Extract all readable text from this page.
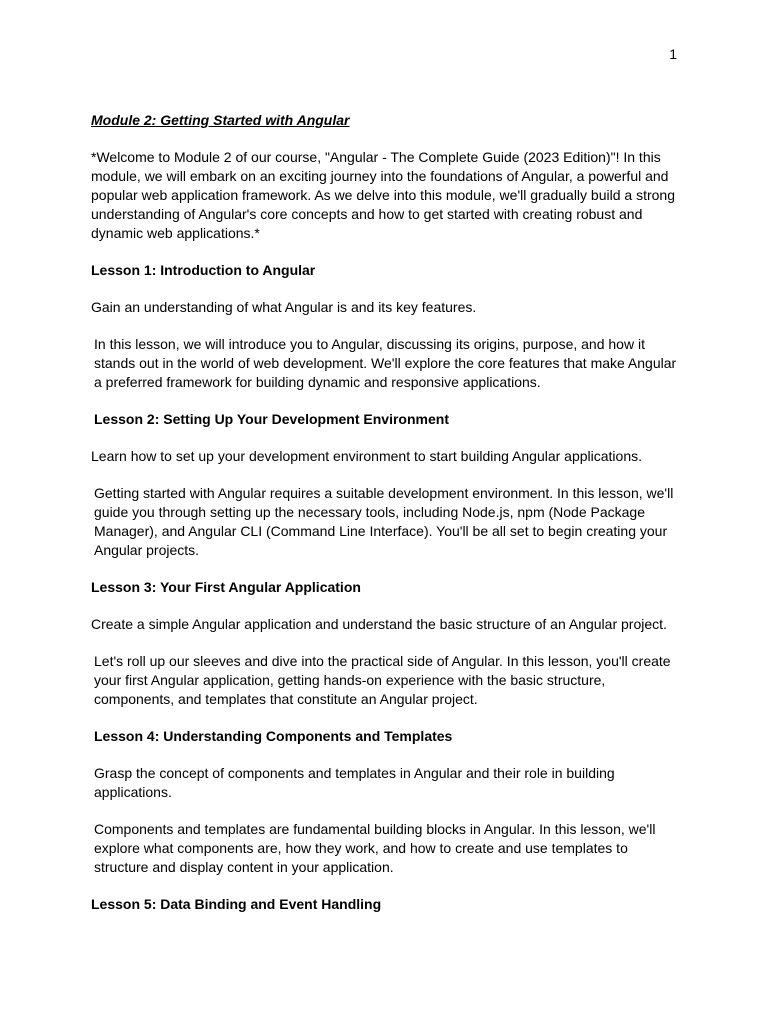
1

Module 2: Getting Started with Angular

*Welcome to Module 2 of our course, "Angular - The Complete Guide (2023 Edition)"! In this module, we will embark on an exciting journey into the foundations of Angular, a powerful and popular web application framework. As we delve into this module, we'll gradually build a strong understanding of Angular's core concepts and how to get started with creating robust and dynamic web applications.*

Lesson 1: Introduction to Angular

Gain an understanding of what Angular is and its key features.

In this lesson, we will introduce you to Angular, discussing its origins, purpose, and how it stands out in the world of web development. We'll explore the core features that make Angular a preferred framework for building dynamic and responsive applications.

Lesson 2: Setting Up Your Development Environment

Learn how to set up your development environment to start building Angular applications.

Getting started with Angular requires a suitable development environment. In this lesson, we'll guide you through setting up the necessary tools, including Node.js, npm (Node Package Manager), and Angular CLI (Command Line Interface). You'll be all set to begin creating your Angular projects.

Lesson 3: Your First Angular Application

Create a simple Angular application and understand the basic structure of an Angular project.

Let's roll up our sleeves and dive into the practical side of Angular. In this lesson, you'll create your first Angular application, getting hands-on experience with the basic structure, components, and templates that constitute an Angular project.

Lesson 4: Understanding Components and Templates

Grasp the concept of components and templates in Angular and their role in building applications.

Components and templates are fundamental building blocks in Angular. In this lesson, we'll explore what components are, how they work, and how to create and use templates to structure and display content in your application.

Lesson 5: Data Binding and Event Handling
